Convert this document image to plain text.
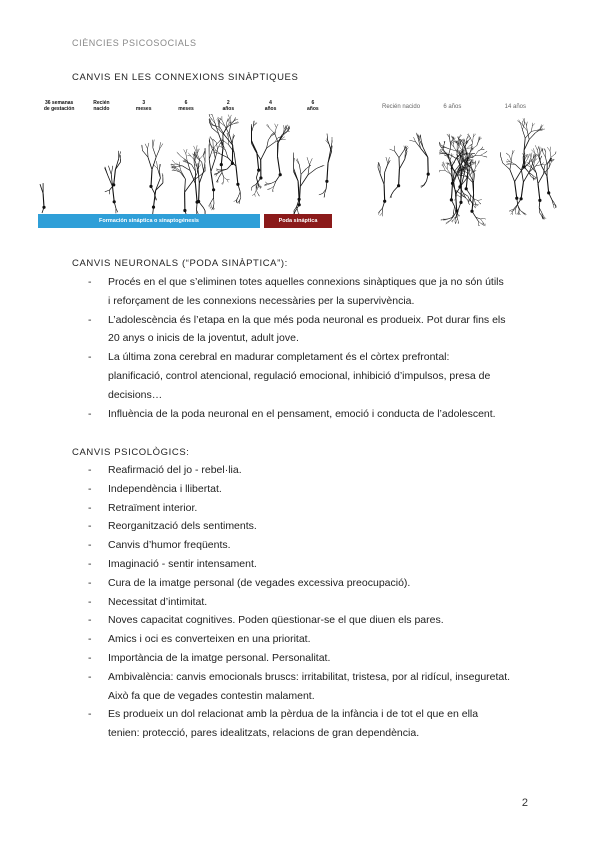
CIÈNCIES PSICOSOCIALS
CANVIS EN LES CONNEXIONS SINÀPTIQUES
36 semanas
de gestación
Recién
nacido
3
meses
6
meses
2
años
4
años
6
años
Formación sináptica o sinaptogénesis	Poda sináptica
Recién nacido	6 años	14 años
CANVIS NEURONALS (“PODA SINÀPTICA”):
- Procés en el que s’eliminen totes aquelles connexions sinàptiques que ja no són útils
i reforçament de les connexions necessàries per la supervivència.
- L’adolescència és l’etapa en la que més poda neuronal es produeix. Pot durar fins els
20 anys o inicis de la joventut, adult jove.
- La última zona cerebral en madurar completament és el còrtex prefrontal:
planificació, control atencional, regulació emocional, inhibició d’impulsos, presa de
decisions…
- Influència de la poda neuronal en el pensament, emoció i conducta de l’adolescent.
CANVIS PSICOLÒGICS:
- Reafirmació del jo - rebel·lia.
- Independència i llibertat.
- Retraïment interior.
- Reorganització dels sentiments.
- Canvis d’humor freqüents.
- Imaginació - sentir intensament.
- Cura de la imatge personal (de vegades excessiva preocupació).
- Necessitat d’intimitat.
- Noves capacitat cognitives. Poden qüestionar-se el que diuen els pares.
- Amics i oci es converteixen en una prioritat.
- Importància de la imatge personal. Personalitat.
- Ambivalència: canvis emocionals bruscs: irritabilitat, tristesa, por al ridícul, inseguretat.
Això fa que de vegades contestin malament.
- Es produeix un dol relacionat amb la pèrdua de la infància i de tot el que en ella
tenien: protecció, pares idealitzats, relacions de gran dependència.
2
